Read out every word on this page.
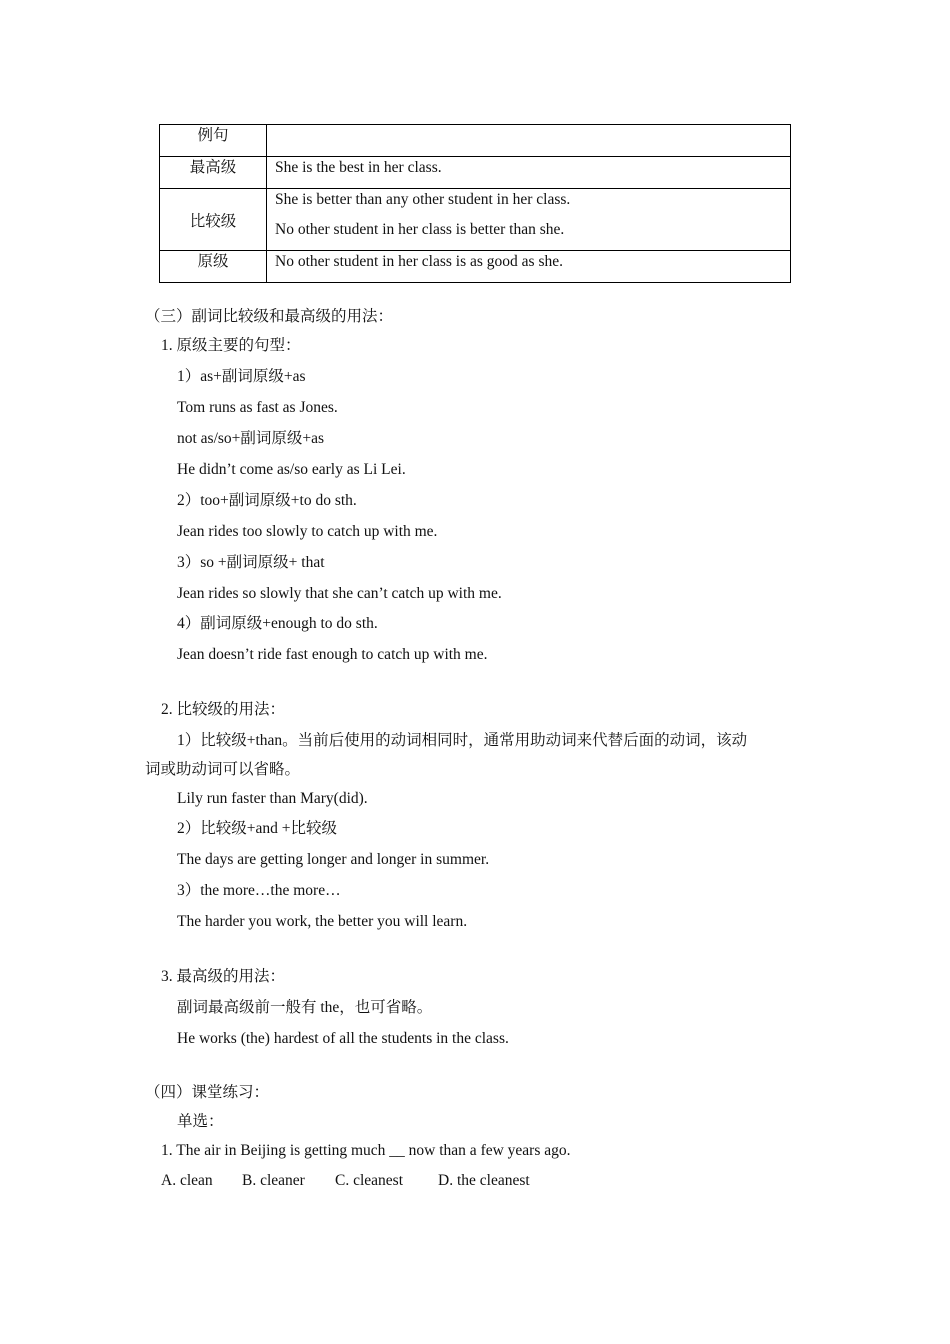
例句	

最高级	She is the best in her class.

比较级	She is better than any other student in her class.
No other student in her class is better than she.

原级	No other student in her class is as good as she.
（三）副词比较级和最高级的用法：
1. 原级主要的句型：
1）as+副词原级+as
Tom runs as fast as Jones.
not as/so+副词原级+as
He didn’t come as/so early as Li Lei.
2）too+副词原级+to do sth.
Jean rides too slowly to catch up with me.
3）so +副词原级+ that
Jean rides so slowly that she can’t catch up with me.
4）副词原级+enough to do sth.
Jean doesn’t ride fast enough to catch up with me.
2. 比较级的用法：
1）比较级+than。当前后使用的动词相同时，通常用助动词来代替后面的动词，该动
词或助动词可以省略。
Lily run faster than Mary(did).
2）比较级+and +比较级
The days are getting longer and longer in summer.
3）the more…the more…
The harder you work, the better you will learn.
3. 最高级的用法：
副词最高级前一般有 the，也可省略。
He works (the) hardest of all the students in the class.
（四）课堂练习：
单选：
1. The air in Beijing is getting much __ now than a few years ago.
A. clean B. cleaner C. cleanest D. the cleanest
